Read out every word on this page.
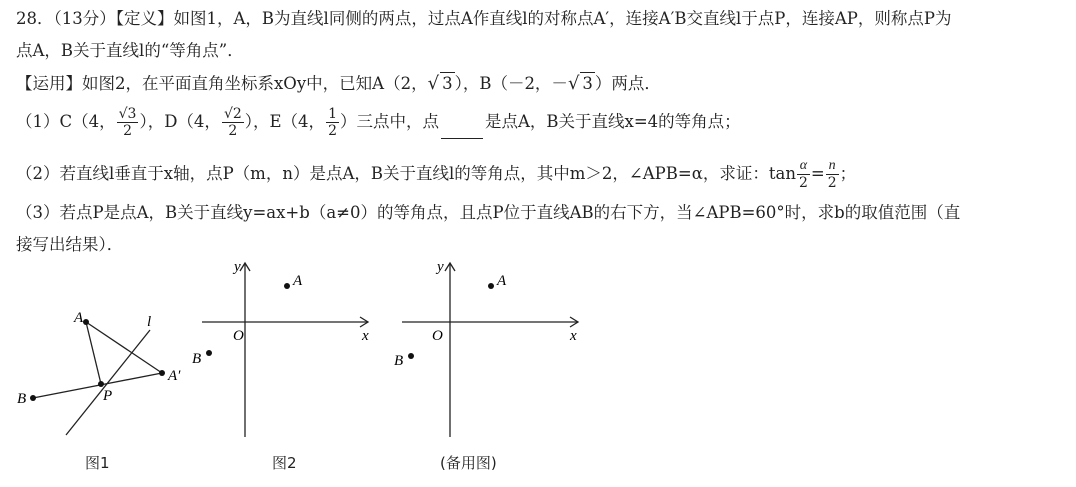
28．（13分）【定义】如图1，A，B为直线l同侧的两点，过点A作直线l的对称点A′，连接A′B交直线l于点P，连接AP，则称点P为
点A，B关于直线l的“等角点”．
【运用】如图2，在平面直角坐标系xOy中，已知A（2，√ 3 ），B（－2，－√ 3 ）两点．
（1）C（4， $\frac{√3}{2}$ ），D（4， $\frac{√2}{2}$ ），E（4， $\frac{1}{2}$ ）三点中，点	是点A，B关于直线x=4的等角点；
（2）若直线l垂直于x轴，点P（m，n）是点A，B关于直线l的等角点，其中m＞2，∠APB=α，求证：$\tan \frac{\alpha}{2} = \frac{n}{2}$ ；
（3）若点P是点A，B关于直线y=ax+b（a≠0）的等角点，且点P位于直线AB的右下方，当∠APB=60°时，求b的取值范围（直
接写出结果）．
A
A′
B	P
l
图1
A
B
O	x
y
图2
A
B
O	x
y
(备用图)
